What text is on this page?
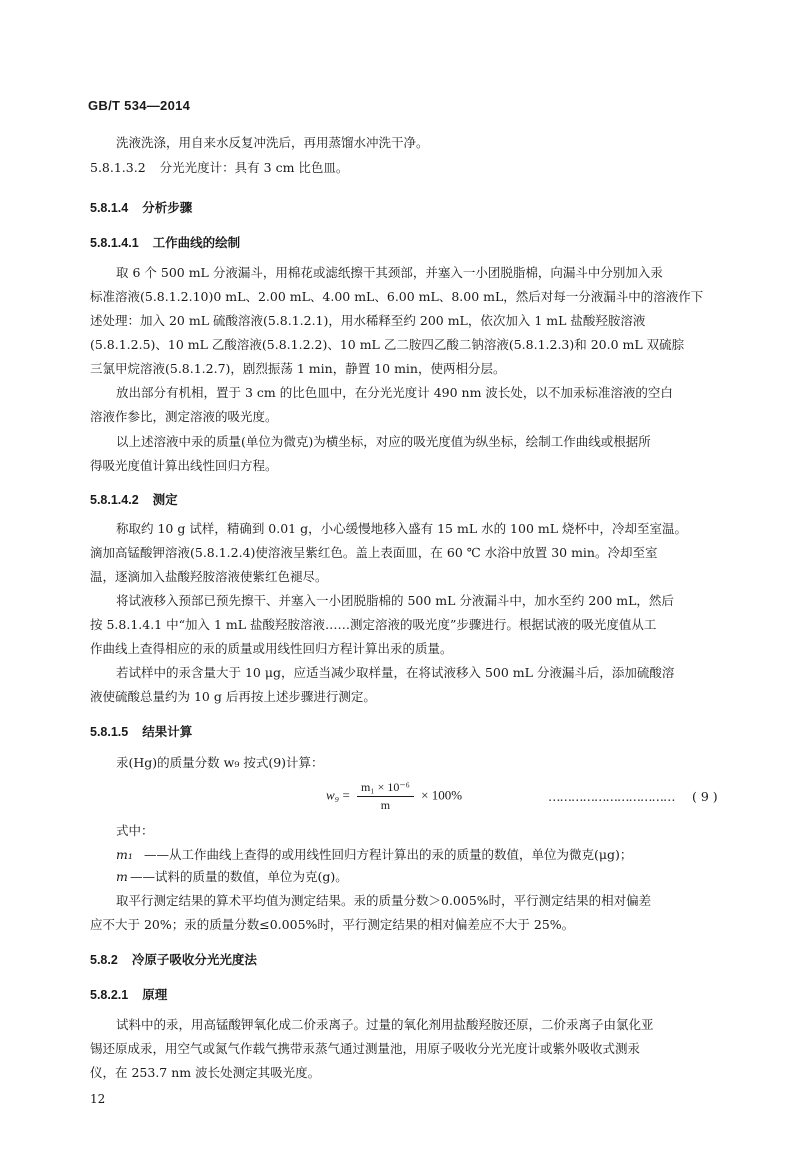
GB/T 534—2014
洗液洗涤，用自来水反复冲洗后，再用蒸馏水冲洗干净。
5.8.1.3.2 分光光度计：具有 3 cm 比色皿。
5.8.1.4 分析步骤
5.8.1.4.1 工作曲线的绘制
取 6 个 500 mL 分液漏斗，用棉花或滤纸擦干其颈部，并塞入一小团脱脂棉，向漏斗中分别加入汞
标准溶液(5.8.1.2.10)0 mL、2.00 mL、4.00 mL、6.00 mL、8.00 mL，然后对每一分液漏斗中的溶液作下
述处理：加入 20 mL 硫酸溶液(5.8.1.2.1)，用水稀释至约 200 mL，依次加入 1 mL 盐酸羟胺溶液
(5.8.1.2.5)、10 mL 乙酸溶液(5.8.1.2.2)、10 mL 乙二胺四乙酸二钠溶液(5.8.1.2.3)和 20.0 mL 双硫腙
三氯甲烷溶液(5.8.1.2.7)，剧烈振荡 1 min，静置 10 min，使两相分层。
放出部分有机相，置于 3 cm 的比色皿中，在分光光度计 490 nm 波长处，以不加汞标准溶液的空白
溶液作参比，测定溶液的吸光度。
以上述溶液中汞的质量(单位为微克)为横坐标，对应的吸光度值为纵坐标，绘制工作曲线或根据所
得吸光度值计算出线性回归方程。
5.8.1.4.2 测定
称取约 10 g 试样，精确到 0.01 g，小心缓慢地移入盛有 15 mL 水的 100 mL 烧杯中，冷却至室温。
滴加高锰酸钾溶液(5.8.1.2.4)使溶液呈紫红色。盖上表面皿，在 60 ℃ 水浴中放置 30 min。冷却至室
温，逐滴加入盐酸羟胺溶液使紫红色褪尽。
将试液移入预部已预先擦干、并塞入一小团脱脂棉的 500 mL 分液漏斗中，加水至约 200 mL，然后
按 5.8.1.4.1 中“加入 1 mL 盐酸羟胺溶液……测定溶液的吸光度”步骤进行。根据试液的吸光度值从工
作曲线上查得相应的汞的质量或用线性回归方程计算出汞的质量。
若试样中的汞含量大于 10 μg，应适当减少取样量，在将试液移入 500 mL 分液漏斗后，添加硫酸溶
液使硫酸总量约为 10 g 后再按上述步骤进行测定。
5.8.1.5 结果计算
汞(Hg)的质量分数 w₉ 按式(9)计算：
$w_9 = \frac{\text{m₁ × 10⁻⁶}}{m} \times 100\%$	…………………………… ( 9 )
式中：
m₁ ——从工作曲线上查得的或用线性回归方程计算出的汞的质量的数值，单位为微克(μg)；
m ——试料的质量的数值，单位为克(g)。
取平行测定结果的算术平均值为测定结果。汞的质量分数＞0.005%时，平行测定结果的相对偏差
应不大于 20%；汞的质量分数≤0.005%时，平行测定结果的相对偏差应不大于 25%。
5.8.2 冷原子吸收分光光度法
5.8.2.1 原理
试料中的汞，用高锰酸钾氧化成二价汞离子。过量的氧化剂用盐酸羟胺还原，二价汞离子由氯化亚
锡还原成汞，用空气或氮气作载气携带汞蒸气通过测量池，用原子吸收分光光度计或紫外吸收式测汞
仪，在 253.7 nm 波长处测定其吸光度。
12
